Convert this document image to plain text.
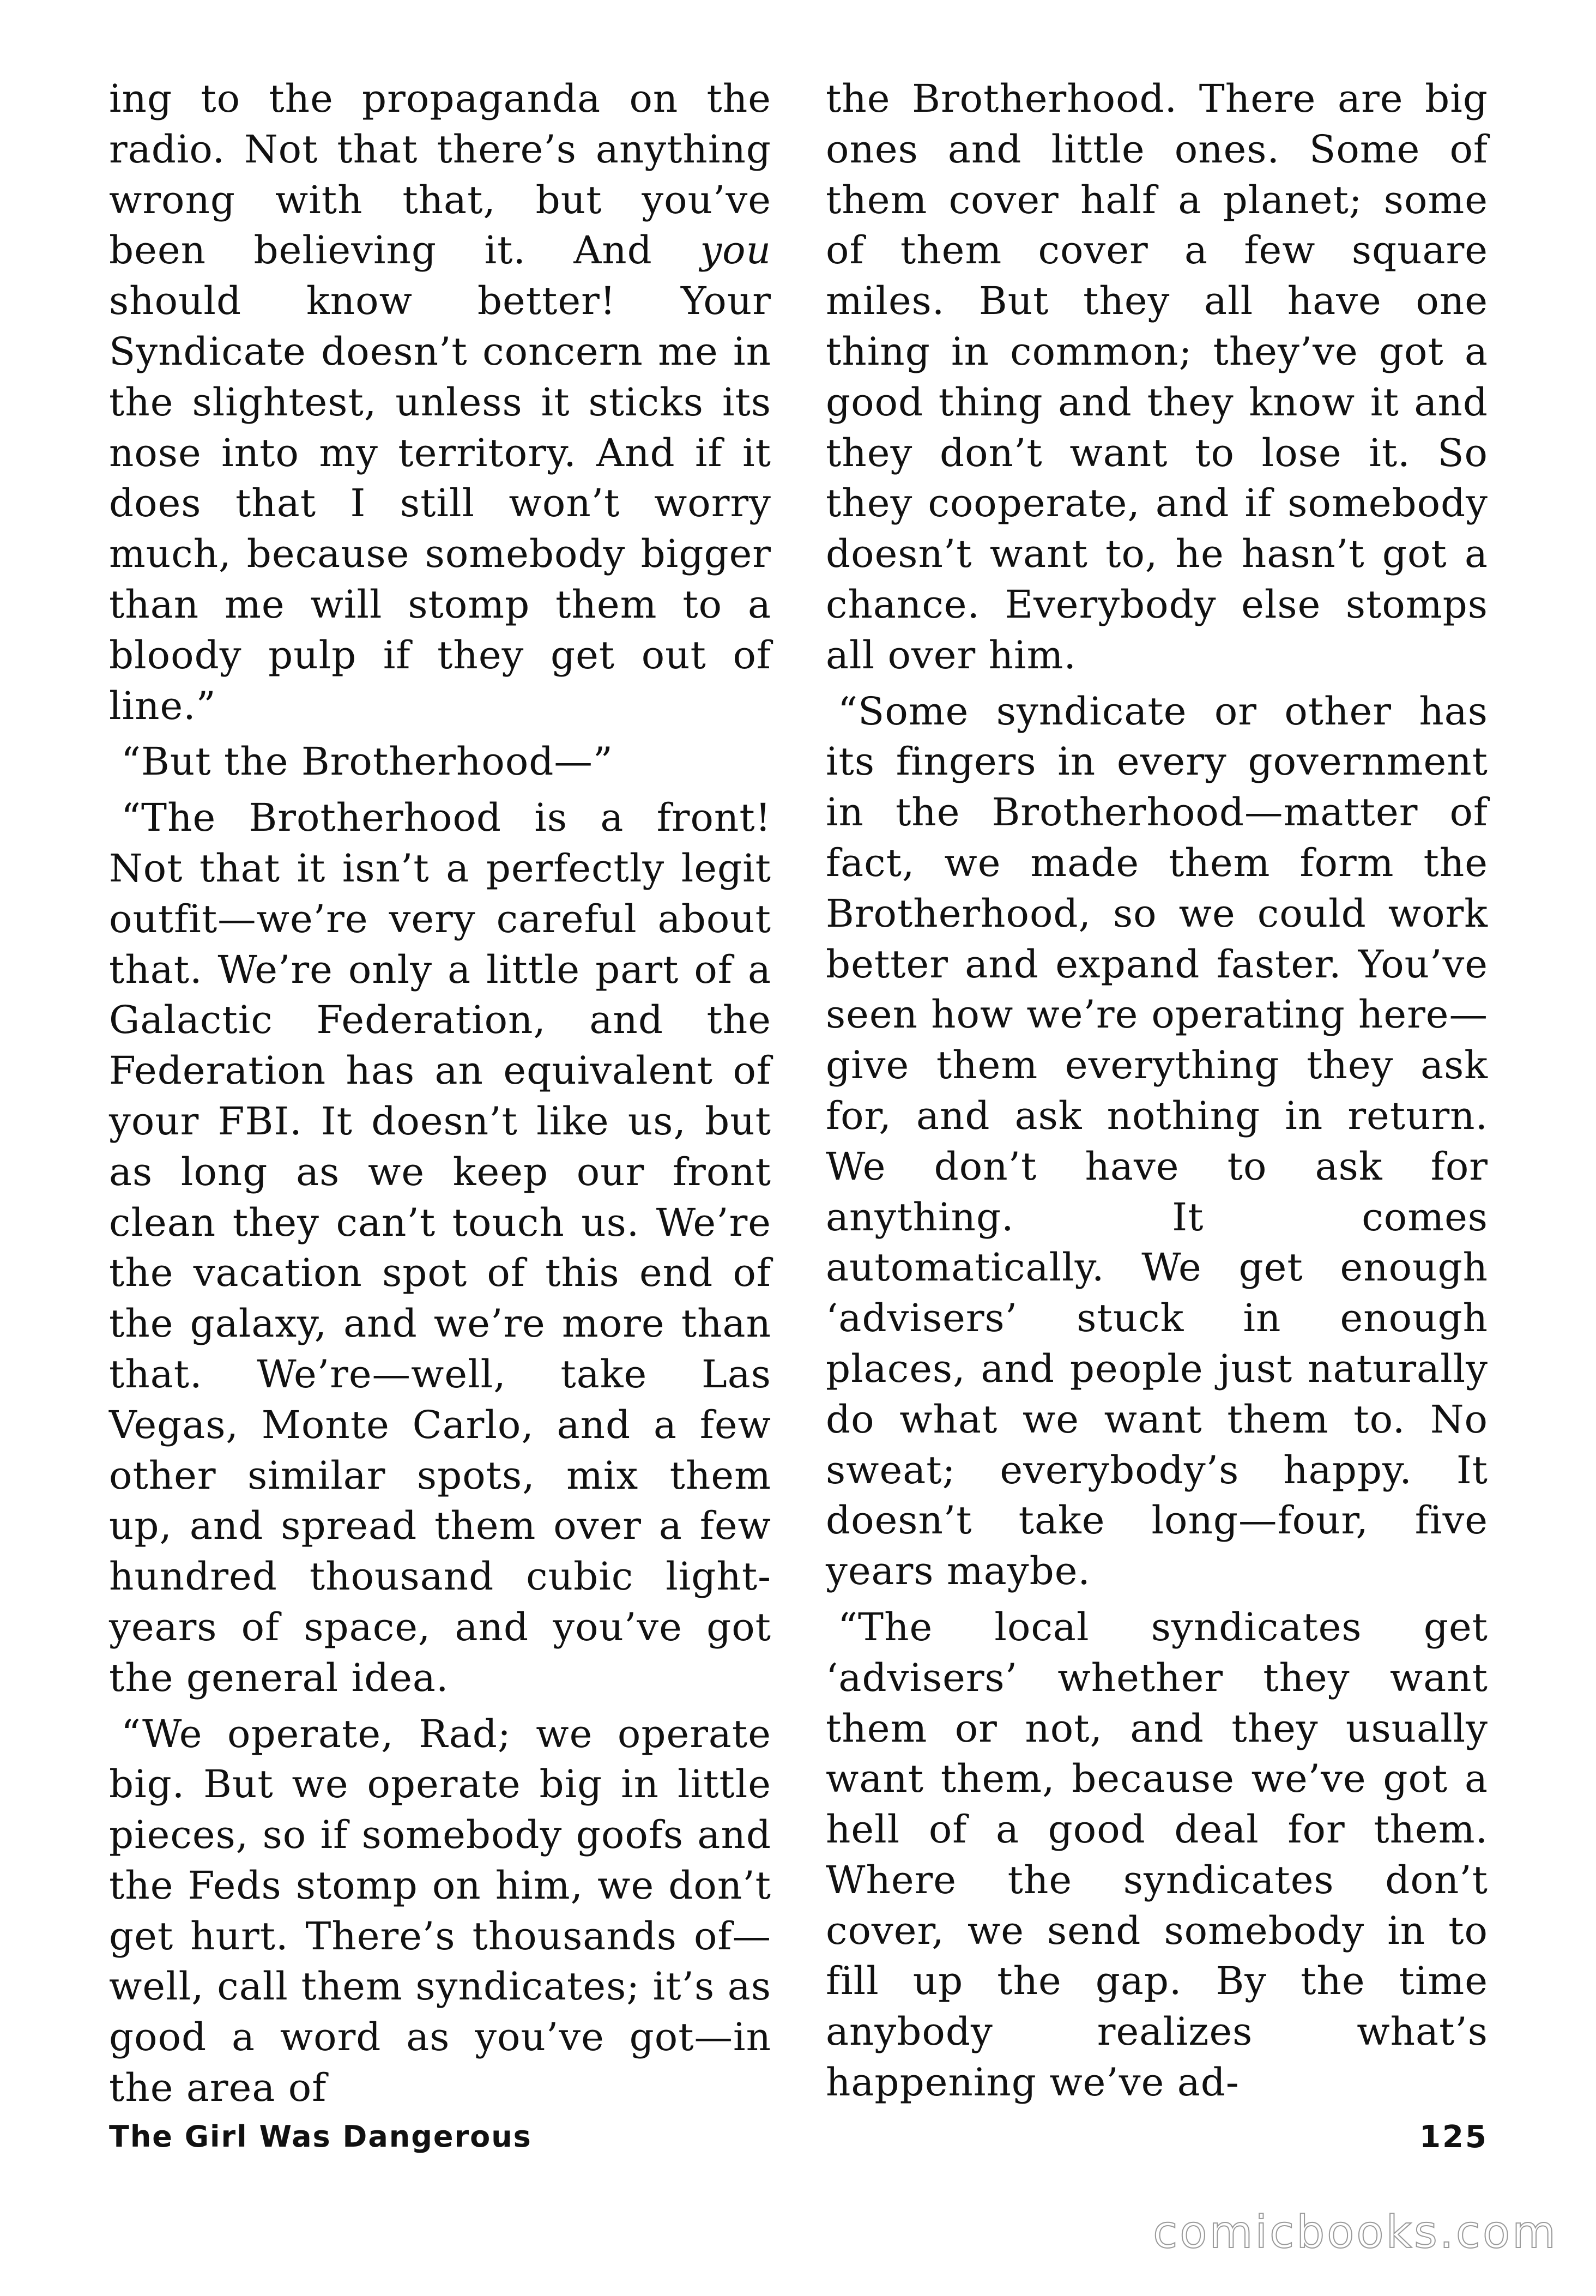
ing to the propaganda on the radio. Not that there’s anything wrong with that, but you’ve been believing it. And you should know better! Your Syndicate doesn’t concern me in the slightest, unless it sticks its nose into my territory. And if it does that I still won’t worry much, because somebody bigger than me will stomp them to a bloody pulp if they get out of line.”

“But the Brotherhood—”

“The Brotherhood is a front! Not that it isn’t a perfectly legit outfit—we’re very careful about that. We’re only a little part of a Galactic Federation, and the Federation has an equivalent of your FBI. It doesn’t like us, but as long as we keep our front clean they can’t touch us. We’re the vacation spot of this end of the galaxy, and we’re more than that. We’re—well, take Las Vegas, Monte Carlo, and a few other similar spots, mix them up, and spread them over a few hundred thousand cubic light-years of space, and you’ve got the general idea.

“We operate, Rad; we operate big. But we operate big in little pieces, so if somebody goofs and the Feds stomp on him, we don’t get hurt. There’s thousands of—well, call them syndicates; it’s as good a word as you’ve got—in the area of

the Brotherhood. There are big ones and little ones. Some of them cover half a planet; some of them cover a few square miles. But they all have one thing in common; they’ve got a good thing and they know it and they don’t want to lose it. So they cooperate, and if somebody doesn’t want to, he hasn’t got a chance. Everybody else stomps all over him.

“Some syndicate or other has its fingers in every government in the Brotherhood—matter of fact, we made them form the Brotherhood, so we could work better and expand faster. You’ve seen how we’re operating here—give them everything they ask for, and ask nothing in return. We don’t have to ask for anything. It comes automatically. We get enough ‘advisers’ stuck in enough places, and people just naturally do what we want them to. No sweat; everybody’s happy. It doesn’t take long—four, five years maybe.

“The local syndicates get ‘advisers’ whether they want them or not, and they usually want them, because we’ve got a hell of a good deal for them. Where the syndicates don’t cover, we send somebody in to fill up the gap. By the time anybody realizes what’s happening we’ve ad-

The Girl Was Dangerous	125
comicbooks.com
